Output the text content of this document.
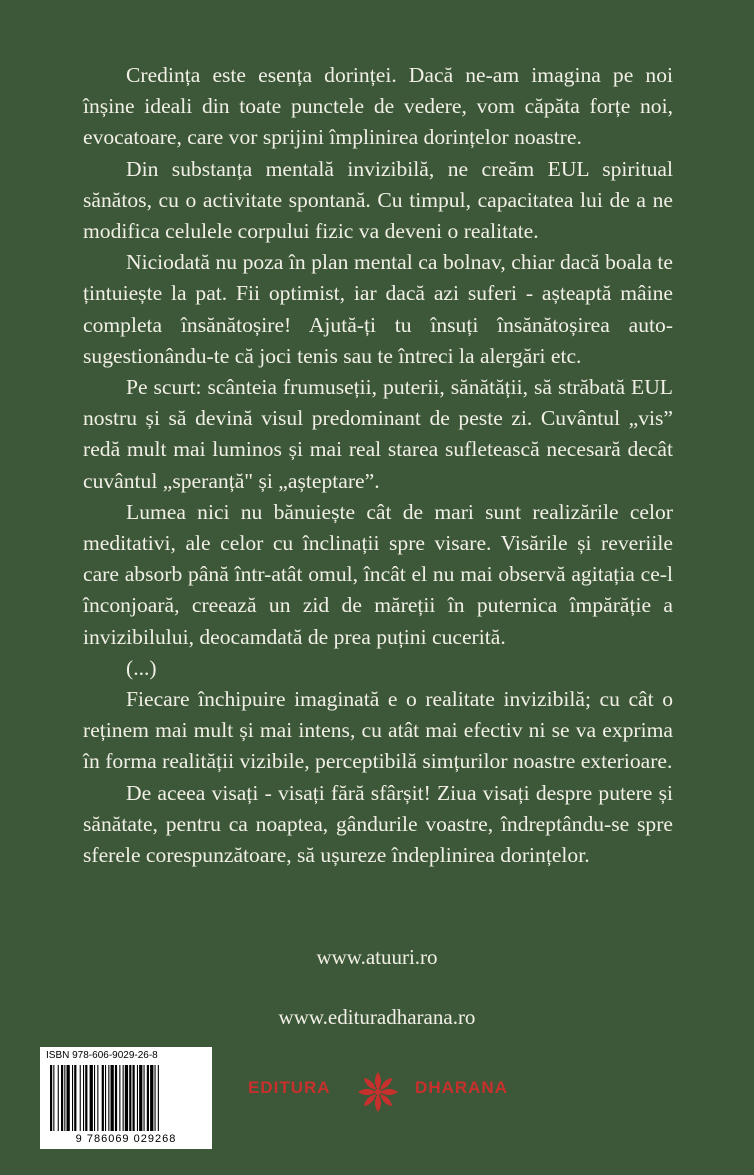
Credința este esența dorinței. Dacă ne-am imagina pe noi înșine ideali din toate punctele de vedere, vom căpăta forțe noi, evocatoare, care vor sprijini împlinirea dorințelor noastre.

Din substanța mentală invizibilă, ne creăm EUL spiritual sănătos, cu o activitate spontană. Cu timpul, capacitatea lui de a ne modifica celulele corpului fizic va deveni o realitate.

Niciodată nu poza în plan mental ca bolnav, chiar dacă boala te țintuiește la pat. Fii optimist, iar dacă azi suferi - așteaptă mâine completa însănătoșire! Ajută-ți tu însuți însănătoșirea auto-sugestionându-te că joci tenis sau te întreci la alergări etc.

Pe scurt: scânteia frumuseții, puterii, sănătății, să străbată EUL nostru și să devină visul predominant de peste zi. Cuvântul „vis” redă mult mai luminos și mai real starea sufletească necesară decât cuvântul „speranță" și „așteptare”.

Lumea nici nu bănuiește cât de mari sunt realizările celor meditativi, ale celor cu înclinații spre visare. Visările și reveriile care absorb până într-atât omul, încât el nu mai observă agitația ce-l înconjoară, creează un zid de măreții în puternica împărăție a invizibilului, deocamdată de prea puțini cucerită.

(...)

Fiecare închipuire imaginată e o realitate invizibilă; cu cât o reținem mai mult și mai intens, cu atât mai efectiv ni se va exprima în forma realității vizibile, perceptibilă simțurilor noastre exterioare.

De aceea visați - visați fără sfârșit! Ziua visați despre putere și sănătate, pentru ca noaptea, gândurile voastre, îndreptându-se spre sferele corespunzătoare, să ușureze îndeplinirea dorințelor.

www.atuuri.ro
www.edituradharana.ro
ISBN 978-606-9029-26-8
9 786069 029268
EDITURA	DHARANA
